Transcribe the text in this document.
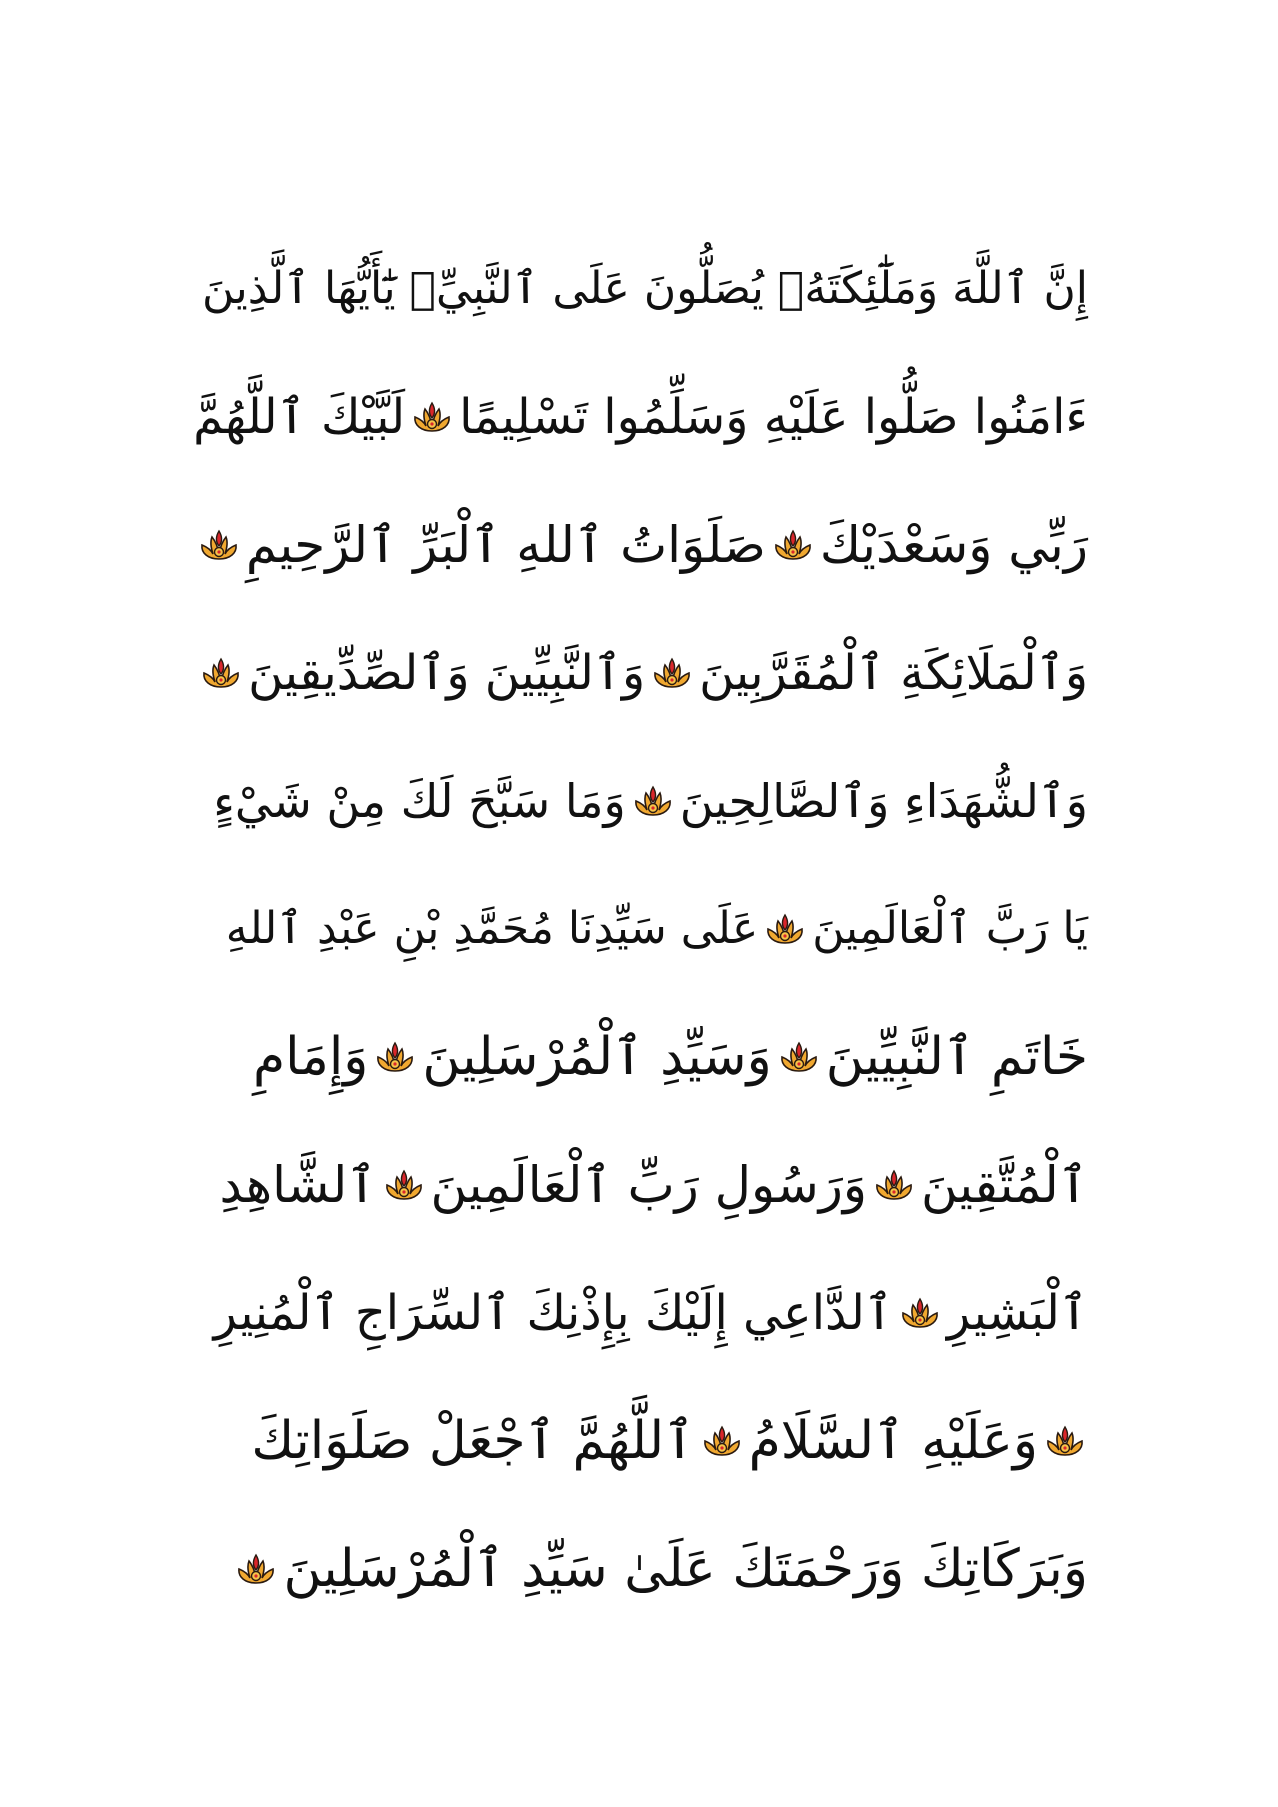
إِنَّ ٱللَّهَ وَمَلَٰٓئِكَتَهُۥ يُصَلُّونَ عَلَى ٱلنَّبِيِّۚ يَٰٓأَيُّهَا ٱلَّذِينَ
ءَامَنُوا صَلُّوا عَلَيْهِ وَسَلِّمُوا تَسْلِيمًا
لَبَّيْكَ ٱللَّهُمَّ
رَبِّي وَسَعْدَيْكَ
صَلَوَاتُ ٱللهِ ٱلْبَرِّ ٱلرَّحِيمِ
وَٱلْمَلَائِكَةِ ٱلْمُقَرَّبِينَ
وَٱلنَّبِيِّينَ وَٱلصِّدِّيقِينَ
وَٱلشُّهَدَاءِ وَٱلصَّالِحِينَ
وَمَا سَبَّحَ لَكَ مِنْ شَيْءٍ
يَا رَبَّ ٱلْعَالَمِينَ
عَلَى سَيِّدِنَا مُحَمَّدِ بْنِ عَبْدِ ٱللهِ
خَاتَمِ ٱلنَّبِيِّينَ
وَسَيِّدِ ٱلْمُرْسَلِينَ
وَإِمَامِ
ٱلْمُتَّقِينَ
وَرَسُولِ رَبِّ ٱلْعَالَمِينَ
ٱلشَّاهِدِ
ٱلْبَشِيرِ
ٱلدَّاعِي إِلَيْكَ بِإِذْنِكَ ٱلسِّرَاجِ ٱلْمُنِيرِ
وَعَلَيْهِ ٱلسَّلَامُ
ٱللَّهُمَّ ٱجْعَلْ صَلَوَاتِكَ
وَبَرَكَاتِكَ وَرَحْمَتَكَ عَلَىٰ سَيِّدِ ٱلْمُرْسَلِينَ
